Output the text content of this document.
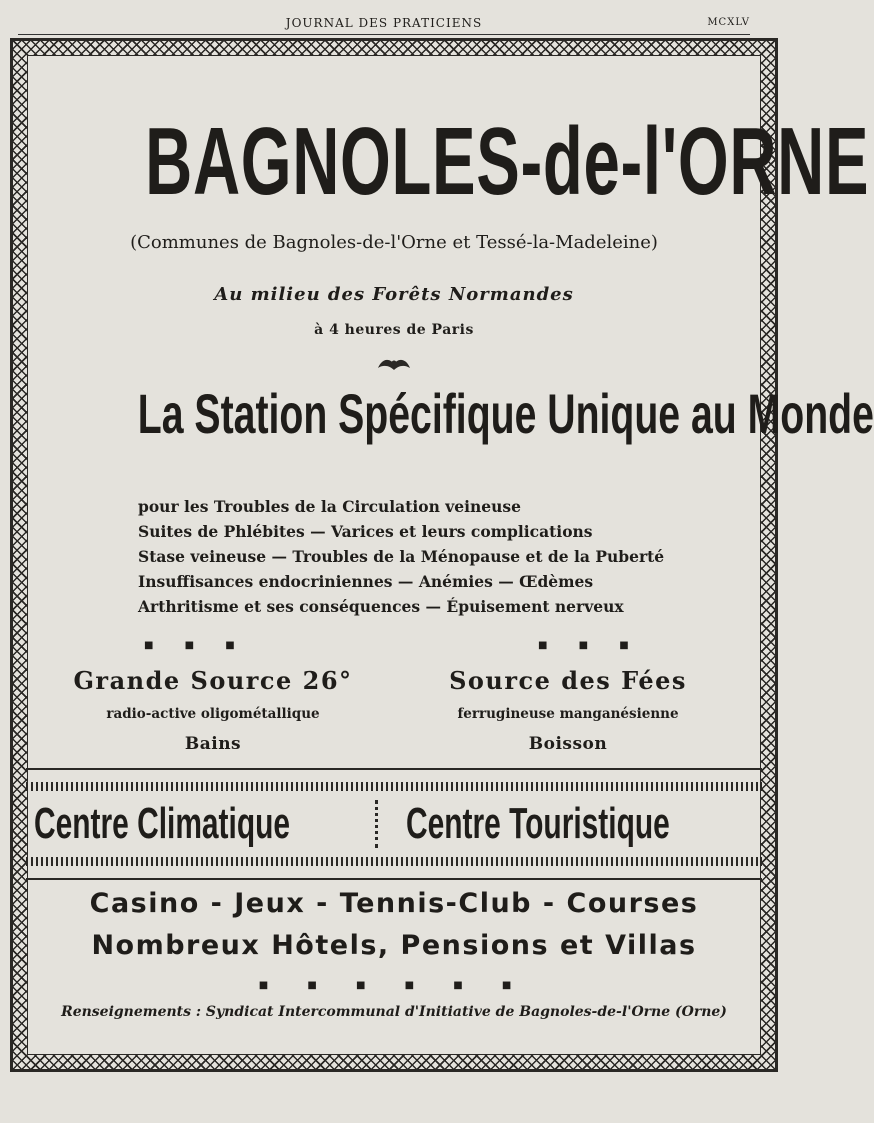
JOURNAL DES PRATICIENS	MCXLV
BAGNOLES-de-l'ORNE
(Communes de Bagnoles-de-l'Orne et Tessé-la-Madeleine)
Au milieu des Forêts Normandes
à 4 heures de Paris
La Station Spécifique Unique au Monde
pour les Troubles de la Circulation veineuse
Suites de Phlébites — Varices et leurs complications
Stase veineuse — Troubles de la Ménopause et de la Puberté
Insuffisances endocriniennes — Anémies — Œdèmes
Arthritisme et ses conséquences — Épuisement nerveux
■ ■ ■	■ ■ ■
Grande Source 26°
radio-active oligométallique
Bains
Source des Fées
ferrugineuse manganésienne
Boisson
Centre Climatique	Centre Touristique
Casino - Jeux - Tennis-Club - Courses
Nombreux Hôtels, Pensions et Villas
■ ■ ■ ■ ■ ■
Renseignements : Syndicat Intercommunal d'Initiative de Bagnoles-de-l'Orne (Orne)
